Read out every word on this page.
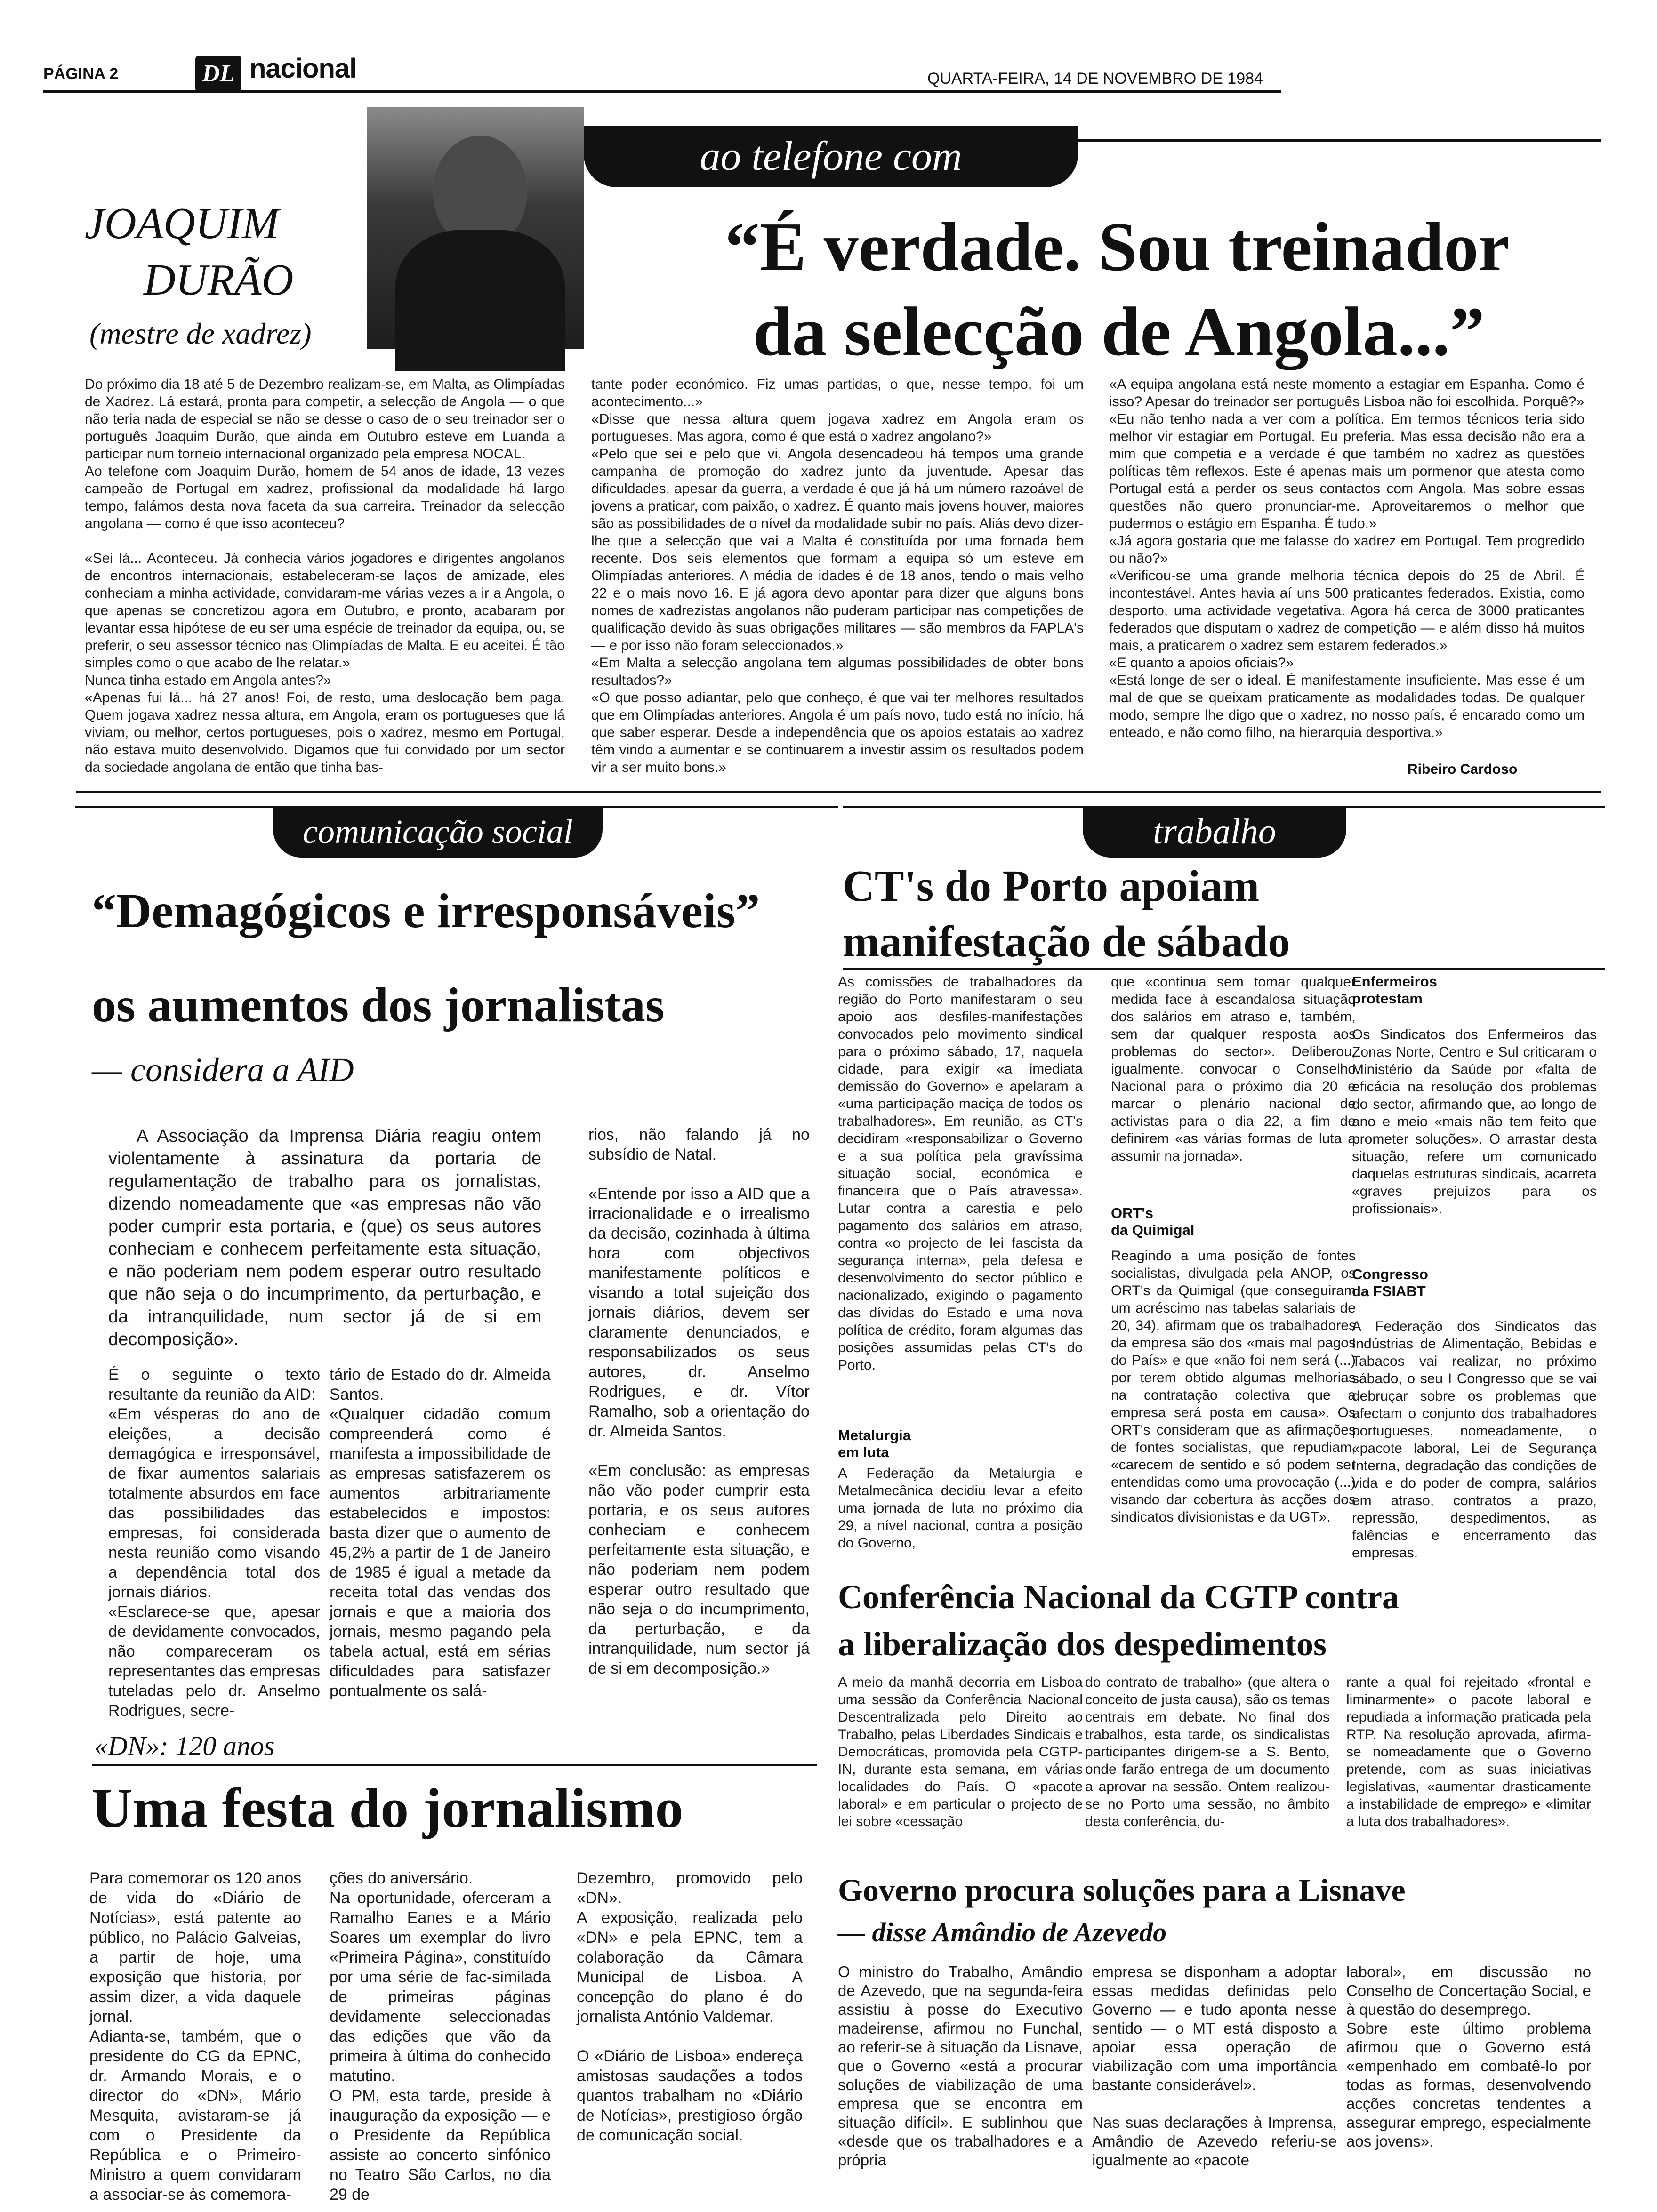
PÁGINA 2	DL nacional	QUARTA-FEIRA, 14 DE NOVEMBRO DE 1984
JOAQUIM
DURÃO
(mestre de xadrez)
ao telefone com
“É verdade. Sou treinador
da selecção de Angola...”
Do próximo dia 18 até 5 de Dezembro realizam-se, em Malta, as Olimpíadas de Xadrez. Lá estará, pronta para competir, a selecção de Angola — o que não teria nada de especial se não se desse o caso de o seu treinador ser o português Joaquim Durão, que ainda em Outubro esteve em Luanda a participar num torneio internacional organizado pela empresa NOCAL.
Ao telefone com Joaquim Durão, homem de 54 anos de idade, 13 vezes campeão de Portugal em xadrez, profissional da modalidade há largo tempo, falámos desta nova faceta da sua carreira. Treinador da selecção angolana — como é que isso aconteceu?

«Sei lá... Aconteceu. Já conhecia vários jogadores e dirigentes angolanos de encontros internacionais, estabeleceram-se laços de amizade, eles conheciam a minha actividade, convidaram-me várias vezes a ir a Angola, o que apenas se concretizou agora em Outubro, e pronto, acabaram por levantar essa hipótese de eu ser uma espécie de treinador da equipa, ou, se preferir, o seu assessor técnico nas Olimpíadas de Malta. E eu aceitei. É tão simples como o que acabo de lhe relatar.»
Nunca tinha estado em Angola antes?»
«Apenas fui lá... há 27 anos! Foi, de resto, uma deslocação bem paga. Quem jogava xadrez nessa altura, em Angola, eram os portugueses que lá viviam, ou melhor, certos portugueses, pois o xadrez, mesmo em Portugal, não estava muito desenvolvido. Digamos que fui convidado por um sector da sociedade angolana de então que tinha bas-
tante poder económico. Fiz umas partidas, o que, nesse tempo, foi um acontecimento...»
«Disse que nessa altura quem jogava xadrez em Angola eram os portugueses. Mas agora, como é que está o xadrez angolano?»
«Pelo que sei e pelo que vi, Angola desencadeou há tempos uma grande campanha de promoção do xadrez junto da juventude. Apesar das dificuldades, apesar da guerra, a verdade é que já há um número razoável de jovens a praticar, com paixão, o xadrez. É quanto mais jovens houver, maiores são as possibilidades de o nível da modalidade subir no país. Aliás devo dizer-lhe que a selecção que vai a Malta é constituída por uma fornada bem recente. Dos seis elementos que formam a equipa só um esteve em Olimpíadas anteriores. A média de idades é de 18 anos, tendo o mais velho 22 e o mais novo 16. E já agora devo apontar para dizer que alguns bons nomes de xadrezistas angolanos não puderam participar nas competições de qualificação devido às suas obrigações militares — são membros da FAPLA's — e por isso não foram seleccionados.»
«Em Malta a selecção angolana tem algumas possibilidades de obter bons resultados?»
«O que posso adiantar, pelo que conheço, é que vai ter melhores resultados que em Olimpíadas anteriores. Angola é um país novo, tudo está no início, há que saber esperar. Desde a independência que os apoios estatais ao xadrez têm vindo a aumentar e se continuarem a investir assim os resultados podem vir a ser muito bons.»
«A equipa angolana está neste momento a estagiar em Espanha. Como é isso? Apesar do treinador ser português Lisboa não foi escolhida. Porquê?»
«Eu não tenho nada a ver com a política. Em termos técnicos teria sido melhor vir estagiar em Portugal. Eu preferia. Mas essa decisão não era a mim que competia e a verdade é que também no xadrez as questões políticas têm reflexos. Este é apenas mais um pormenor que atesta como Portugal está a perder os seus contactos com Angola. Mas sobre essas questões não quero pronunciar-me. Aproveitaremos o melhor que pudermos o estágio em Espanha. É tudo.»
«Já agora gostaria que me falasse do xadrez em Portugal. Tem progredido ou não?»
«Verificou-se uma grande melhoria técnica depois do 25 de Abril. É incontestável. Antes havia aí uns 500 praticantes federados. Existia, como desporto, uma actividade vegetativa. Agora há cerca de 3000 praticantes federados que disputam o xadrez de competição — e além disso há muitos mais, a praticarem o xadrez sem estarem federados.»
«E quanto a apoios oficiais?»
«Está longe de ser o ideal. É manifestamente insuficiente. Mas esse é um mal de que se queixam praticamente as modalidades todas. De qualquer modo, sempre lhe digo que o xadrez, no nosso país, é encarado como um enteado, e não como filho, na hierarquia desportiva.»
Ribeiro Cardoso
comunicação social
“Demagógicos e irresponsáveis”
os aumentos dos jornalistas
— considera a AID
A Associação da Imprensa Diária reagiu ontem violentamente à assinatura da portaria de regulamentação de trabalho para os jornalistas, dizendo nomeadamente que «as empresas não vão poder cumprir esta portaria, e (que) os seus autores conheciam e conhecem perfeitamente esta situação, e não poderiam nem podem esperar outro resultado que não seja o do incumprimento, da perturbação, e da intranquilidade, num sector já de si em decomposição».
rios, não falando já no subsídio de Natal.

«Entende por isso a AID que a irracionalidade e o irrealismo da decisão, cozinhada à última hora com objectivos manifestamente políticos e visando a total sujeição dos jornais diários, devem ser claramente denunciados, e responsabilizados os seus autores, dr. Anselmo Rodrigues, e dr. Vítor Ramalho, sob a orientação do dr. Almeida Santos.

«Em conclusão: as empresas não vão poder cumprir esta portaria, e os seus autores conheciam e conhecem perfeitamente esta situação, e não poderiam nem podem esperar outro resultado que não seja o do incumprimento, da perturbação, e da intranquilidade, num sector já de si em decomposição.»
É o seguinte o texto resultante da reunião da AID:
«Em vésperas do ano de eleições, a decisão demagógica e irresponsável, de fixar aumentos salariais totalmente absurdos em face das possibilidades das empresas, foi considerada nesta reunião como visando a dependência total dos jornais diários.
«Esclarece-se que, apesar de devidamente convocados, não compareceram os representantes das empresas tuteladas pelo dr. Anselmo Rodrigues, secre-
tário de Estado do dr. Almeida Santos.
«Qualquer cidadão comum compreenderá como é manifesta a impossibilidade de as empresas satisfazerem os aumentos arbitrariamente estabelecidos e impostos: basta dizer que o aumento de 45,2% a partir de 1 de Janeiro de 1985 é igual a metade da receita total das vendas dos jornais e que a maioria dos jornais, mesmo pagando pela tabela actual, está em sérias dificuldades para satisfazer pontualmente os salá-
«DN»: 120 anos
Uma festa do jornalismo
Para comemorar os 120 anos de vida do «Diário de Notícias», está patente ao público, no Palácio Galveias, a partir de hoje, uma exposição que historia, por assim dizer, a vida daquele jornal.
Adianta-se, também, que o presidente do CG da EPNC, dr. Armando Morais, e o director do «DN», Mário Mesquita, avistaram-se já com o Presidente da República e o Primeiro-Ministro a quem convidaram a associar-se às comemora-
ções do aniversário.
Na oportunidade, oferceram a Ramalho Eanes e a Mário Soares um exemplar do livro «Primeira Página», constituído por uma série de fac-similada de primeiras páginas devidamente seleccionadas das edições que vão da primeira à última do conhecido matutino.
O PM, esta tarde, preside à inauguração da exposição — e o Presidente da República assiste ao concerto sinfónico no Teatro São Carlos, no dia 29 de
Dezembro, promovido pelo «DN».
A exposição, realizada pelo «DN» e pela EPNC, tem a colaboração da Câmara Municipal de Lisboa. A concepção do plano é do jornalista António Valdemar.

O «Diário de Lisboa» endereça amistosas saudações a todos quantos trabalham no «Diário de Notícias», prestigioso órgão de comunicação social.
trabalho
CT's do Porto apoiam
manifestação de sábado
As comissões de trabalhadores da região do Porto manifestaram o seu apoio aos desfiles-manifestações convocados pelo movimento sindical para o próximo sábado, 17, naquela cidade, para exigir «a imediata demissão do Governo» e apelaram a «uma participação maciça de todos os trabalhadores». Em reunião, as CT's decidiram «responsabilizar o Governo e a sua política pela gravíssima situação social, económica e financeira que o País atravessa». Lutar contra a carestia e pelo pagamento dos salários em atraso, contra «o projecto de lei fascista da segurança interna», pela defesa e desenvolvimento do sector público e nacionalizado, exigindo o pagamento das dívidas do Estado e uma nova política de crédito, foram algumas das posições assumidas pelas CT's do Porto.
Metalurgia
em luta
A Federação da Metalurgia e Metalmecânica decidiu levar a efeito uma jornada de luta no próximo dia 29, a nível nacional, contra a posição do Governo,
que «continua sem tomar qualquer medida face à escandalosa situação dos salários em atraso e, também, sem dar qualquer resposta aos problemas do sector». Deliberou, igualmente, convocar o Conselho Nacional para o próximo dia 20 e marcar o plenário nacional de activistas para o dia 22, a fim de definirem «as várias formas de luta a assumir na jornada».
ORT's
da Quimigal
Reagindo a uma posição de fontes socialistas, divulgada pela ANOP, os ORT's da Quimigal (que conseguiram um acréscimo nas tabelas salariais de 20, 34), afirmam que os trabalhadores da empresa são dos «mais mal pagos do País» e que «não foi nem será (...) por terem obtido algumas melhorias na contratação colectiva que a empresa será posta em causa». Os ORT's consideram que as afirmações de fontes socialistas, que repudiam, «carecem de sentido e só podem ser entendidas como uma provocação (...) visando dar cobertura às acções dos sindicatos divisionistas e da UGT».
Enfermeiros
protestam
Os Sindicatos dos Enfermeiros das Zonas Norte, Centro e Sul criticaram o Ministério da Saúde por «falta de eficácia na resolução dos problemas do sector, afirmando que, ao longo de ano e meio «mais não tem feito que prometer soluções». O arrastar desta situação, refere um comunicado daquelas estruturas sindicais, acarreta «graves prejuízos para os profissionais».
Congresso
da FSIABT
A Federação dos Sindicatos das Indústrias de Alimentação, Bebidas e Tabacos vai realizar, no próximo sábado, o seu I Congresso que se vai debruçar sobre os problemas que afectam o conjunto dos trabalhadores portugueses, nomeadamente, o «pacote laboral, Lei de Segurança Interna, degradação das condições de vida e do poder de compra, salários em atraso, contratos a prazo, repressão, despedimentos, as falências e encerramento das empresas.
Conferência Nacional da CGTP contra
a liberalização dos despedimentos
A meio da manhã decorria em Lisboa uma sessão da Conferência Nacional Descentralizada pelo Direito ao Trabalho, pelas Liberdades Sindicais e Democráticas, promovida pela CGTP-IN, durante esta semana, em várias localidades do País. O «pacote laboral» e em particular o projecto de lei sobre «cessação
do contrato de trabalho» (que altera o conceito de justa causa), são os temas centrais em debate. No final dos trabalhos, esta tarde, os sindicalistas participantes dirigem-se a S. Bento, onde farão entrega de um documento a aprovar na sessão. Ontem realizou-se no Porto uma sessão, no âmbito desta conferência, du-
rante a qual foi rejeitado «frontal e liminarmente» o pacote laboral e repudiada a informação praticada pela RTP. Na resolução aprovada, afirma-se nomeadamente que o Governo pretende, com as suas iniciativas legislativas, «aumentar drasticamente a instabilidade de emprego» e «limitar a luta dos trabalhadores».
Governo procura soluções para a Lisnave
— disse Amândio de Azevedo
O ministro do Trabalho, Amândio de Azevedo, que na segunda-feira assistiu à posse do Executivo madeirense, afirmou no Funchal, ao referir-se à situação da Lisnave, que o Governo «está a procurar soluções de viabilização de uma empresa que se encontra em situação difícil». E sublinhou que «desde que os trabalhadores e a própria
empresa se disponham a adoptar essas medidas definidas pelo Governo — e tudo aponta nesse sentido — o MT está disposto a apoiar essa operação de viabilização com uma importância bastante considerável».

Nas suas declarações à Imprensa, Amândio de Azevedo referiu-se igualmente ao «pacote
laboral», em discussão no Conselho de Concertação Social, e à questão do desemprego.
Sobre este último problema afirmou que o Governo está «empenhado em combatê-lo por todas as formas, desenvolvendo acções concretas tendentes a assegurar emprego, especialmente aos jovens».
